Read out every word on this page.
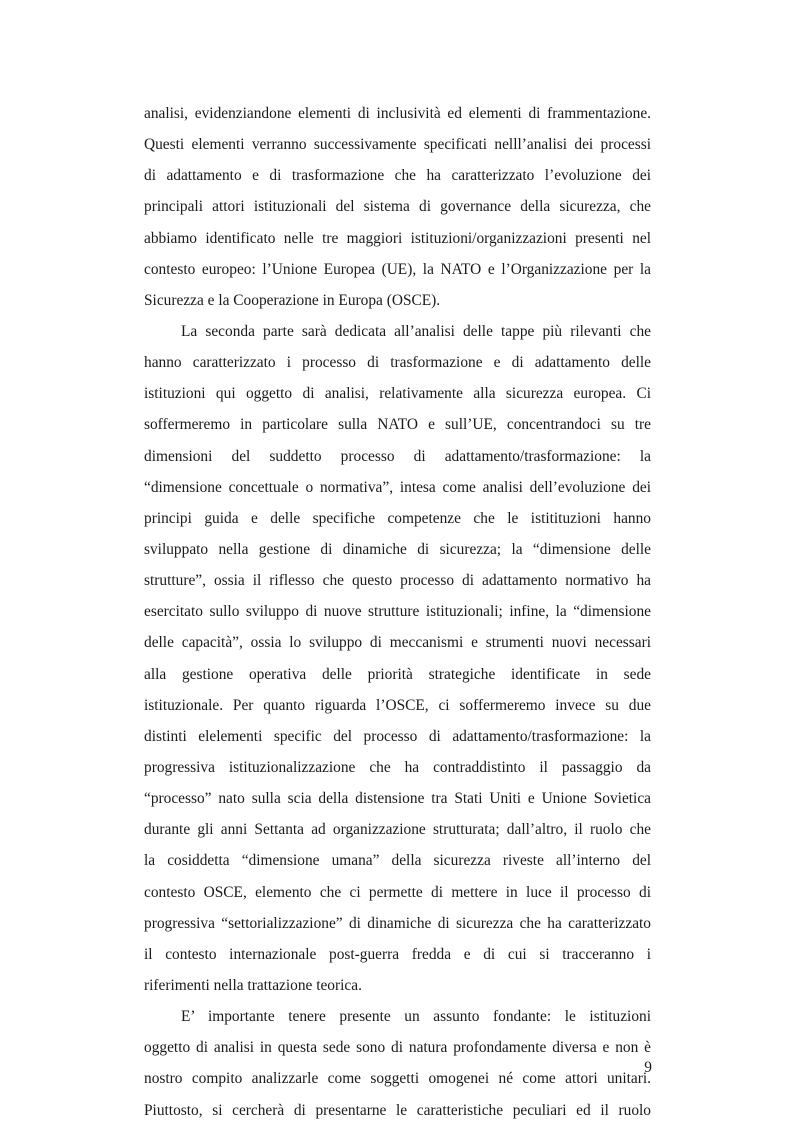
analisi, evidenziandone elementi di inclusività ed elementi di frammentazione.
Questi elementi verranno successivamente specificati nelll’analisi dei processi
di adattamento e di trasformazione che ha caratterizzato l’evoluzione dei
principali attori istituzionali del sistema di governance della sicurezza, che
abbiamo identificato nelle tre maggiori istituzioni/organizzazioni presenti nel
contesto europeo: l’Unione Europea (UE), la NATO e l’Organizzazione per la
Sicurezza e la Cooperazione in Europa (OSCE).
La seconda parte sarà dedicata all’analisi delle tappe più rilevanti che
hanno caratterizzato i processo di trasformazione e di adattamento delle
istituzioni qui oggetto di analisi, relativamente alla sicurezza europea. Ci
soffermeremo in particolare sulla NATO e sull’UE, concentrandoci su tre
dimensioni del suddetto processo di adattamento/trasformazione: la
“dimensione concettuale o normativa”, intesa come analisi dell’evoluzione dei
principi guida e delle specifiche competenze che le istitituzioni hanno
sviluppato nella gestione di dinamiche di sicurezza; la “dimensione delle
strutture”, ossia il riflesso che questo processo di adattamento normativo ha
esercitato sullo sviluppo di nuove strutture istituzionali; infine, la “dimensione
delle capacità”, ossia lo sviluppo di meccanismi e strumenti nuovi necessari
alla gestione operativa delle priorità strategiche identificate in sede
istituzionale. Per quanto riguarda l’OSCE, ci soffermeremo invece su due
distinti elelementi specific del processo di adattamento/trasformazione: la
progressiva istituzionalizzazione che ha contraddistinto il passaggio da
“processo” nato sulla scia della distensione tra Stati Uniti e Unione Sovietica
durante gli anni Settanta ad organizzazione strutturata; dall’altro, il ruolo che
la cosiddetta “dimensione umana” della sicurezza riveste all’interno del
contesto OSCE, elemento che ci permette di mettere in luce il processo di
progressiva “settorializzazione” di dinamiche di sicurezza che ha caratterizzato
il contesto internazionale post-guerra fredda e di cui si tracceranno i
riferimenti nella trattazione teorica.
E’ importante tenere presente un assunto fondante: le istituzioni
oggetto di analisi in questa sede sono di natura profondamente diversa e non è
nostro compito analizzarle come soggetti omogenei né come attori unitari.
Piuttosto, si cercherà di presentarne le caratteristiche peculiari ed il ruolo
9
